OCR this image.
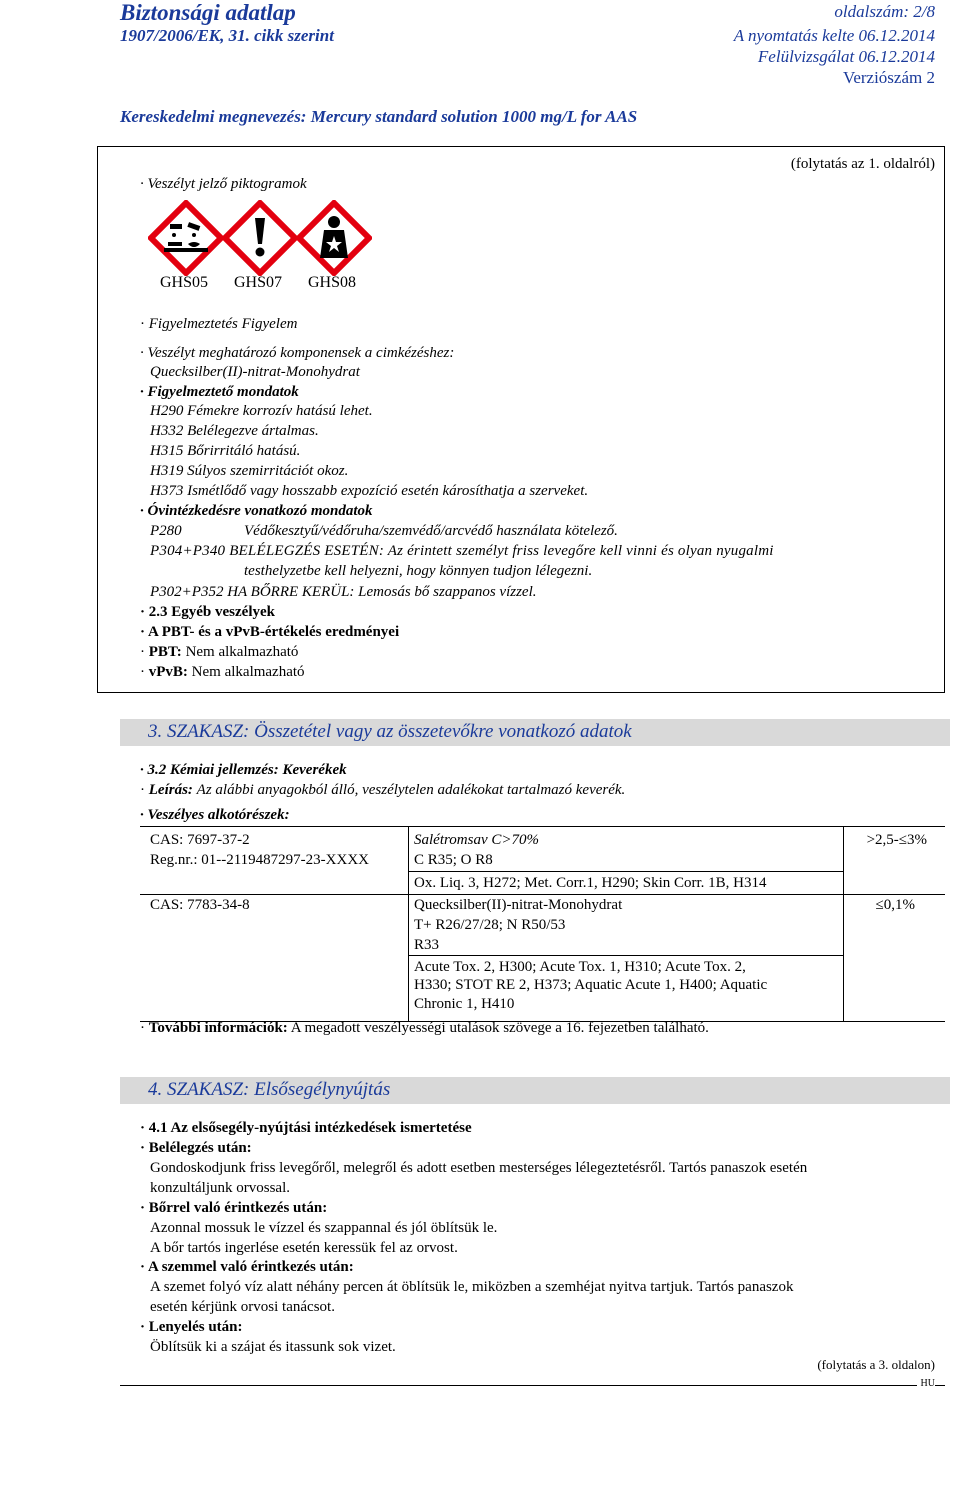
Biztonsági adatlap
1907/2006/EK, 31. cikk szerint
oldalszám: 2/8
A nyomtatás kelte 06.12.2014
Felülvizsgálat 06.12.2014
Verziószám 2
Kereskedelmi megnevezés: Mercury standard solution 1000 mg/L for AAS
(folytatás az 1. oldalról)
· Veszélyt jelző piktogramok
GHS05 GHS07 GHS08
· Figyelmeztetés Figyelem
· Veszélyt meghatározó komponensek a cimkézéshez:
Quecksilber(II)-nitrat-Monohydrat
· Figyelmeztető mondatok
H290 Fémekre korrozív hatású lehet.
H332 Belélegezve ártalmas.
H315 Bőrirritáló hatású.
H319 Súlyos szemirritációt okoz.
H373 Ismétlődő vagy hosszabb expozíció esetén károsíthatja a szerveket.
· Óvintézkedésre vonatkozó mondatok
P280	Védőkesztyű/védőruha/szemvédő/arcvédő használata kötelező.
P304+P340 BELÉLEGZÉS ESETÉN: Az érintett személyt friss levegőre kell vinni és olyan nyugalmi
testhelyzetbe kell helyezni, hogy könnyen tudjon lélegezni.
P302+P352 HA BŐRRE KERÜL: Lemosás bő szappanos vízzel.
· 2.3 Egyéb veszélyek
· A PBT- és a vPvB-értékelés eredményei
· PBT: Nem alkalmazható
· vPvB: Nem alkalmazható
3. SZAKASZ: Összetétel vagy az összetevőkre vonatkozó adatok
· 3.2 Kémiai jellemzés: Keverékek
· Leírás: Az alábbi anyagokból álló, veszélytelen adalékokat tartalmazó keverék.
· Veszélyes alkotórészek:
CAS: 7697-37-2
Reg.nr.: 01--2119487297-23-XXXX
Salétromsav C>70%
C R35; O R8
Ox. Liq. 3, H272; Met. Corr.1, H290; Skin Corr. 1B, H314
>2,5-≤3%
CAS: 7783-34-8	Quecksilber(II)-nitrat-Monohydrat
T+ R26/27/28; N R50/53
R33
Acute Tox. 2, H300; Acute Tox. 1, H310; Acute Tox. 2,
H330; STOT RE 2, H373; Aquatic Acute 1, H400; Aquatic
Chronic 1, H410
≤0,1%
· További információk: A megadott veszélyességi utalások szövege a 16. fejezetben található.
4. SZAKASZ: Elsősegélynyújtás
· 4.1 Az elsősegély-nyújtási intézkedések ismertetése
· Belélegzés után:
Gondoskodjunk friss levegőről, melegről és adott esetben mesterséges lélegeztetésről. Tartós panaszok esetén
konzultáljunk orvossal.
· Bőrrel való érintkezés után:
Azonnal mossuk le vízzel és szappannal és jól öblítsük le.
A bőr tartós ingerlése esetén keressük fel az orvost.
· A szemmel való érintkezés után:
A szemet folyó víz alatt néhány percen át öblítsük le, miközben a szemhéjat nyitva tartjuk. Tartós panaszok
esetén kérjünk orvosi tanácsot.
· Lenyelés után:
Öblítsük ki a szájat és itassunk sok vizet.
(folytatás a 3. oldalon)
HU
